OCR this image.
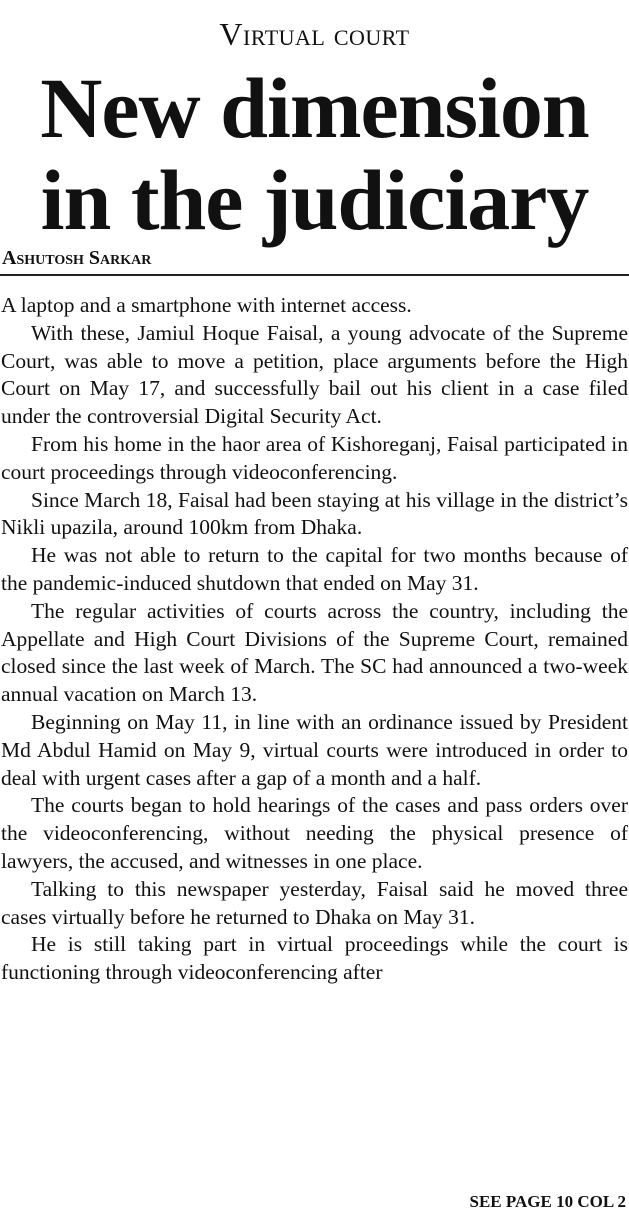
Virtual court
New dimension
in the judiciary
Ashutosh Sarkar

A laptop and a smartphone with internet access.

With these, Jamiul Hoque Faisal, a young advocate of the Supreme Court, was able to move a petition, place arguments before the High Court on May 17, and successfully bail out his client in a case filed under the controversial Digital Security Act.

From his home in the haor area of Kishoreganj, Faisal participated in court proceedings through videoconferencing.

Since March 18, Faisal had been staying at his village in the district’s Nikli upazila, around 100km from Dhaka.

He was not able to return to the capital for two months because of the pandemic-induced shutdown that ended on May 31.

The regular activities of courts across the country, including the Appellate and High Court Divisions of the Supreme Court, remained closed since the last week of March. The SC had announced a two-week annual vacation on March 13.

Beginning on May 11, in line with an ordinance issued by President Md Abdul Hamid on May 9, virtual courts were introduced in order to deal with urgent cases after a gap of a month and a half.

The courts began to hold hearings of the cases and pass orders over the videoconferencing, without needing the physical presence of lawyers, the accused, and witnesses in one place.

Talking to this newspaper yesterday, Faisal said he moved three cases virtually before he returned to Dhaka on May 31.

He is still taking part in virtual proceedings while the court is functioning through videoconferencing after

SEE PAGE 10 COL 2
